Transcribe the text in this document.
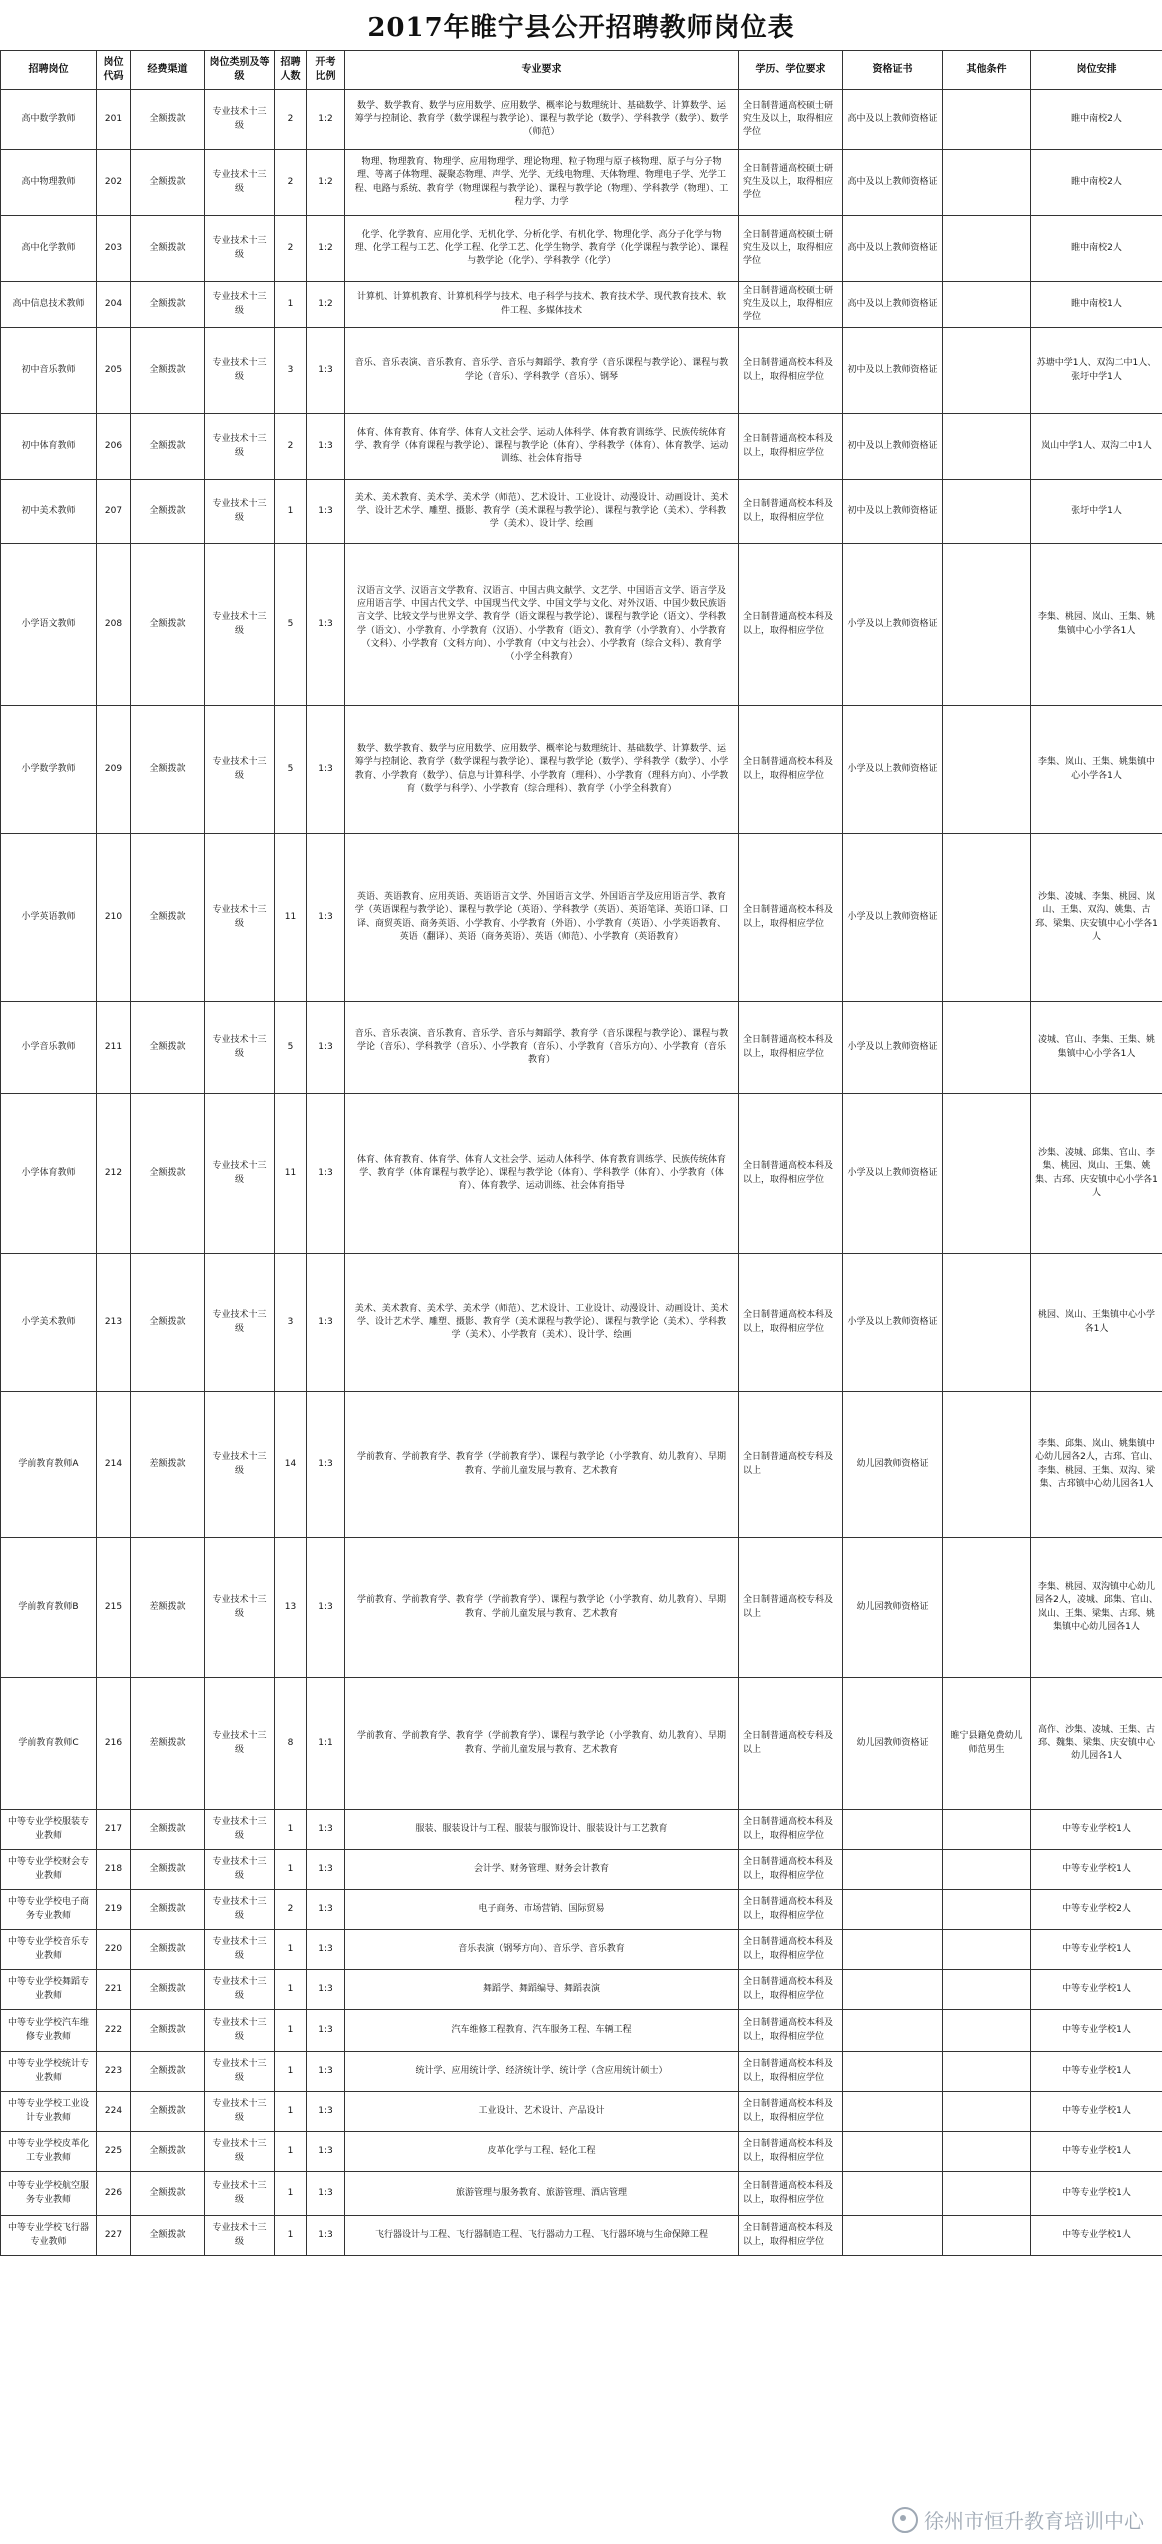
2017年睢宁县公开招聘教师岗位表
招聘岗位	岗位代码	经费渠道	岗位类别及等级	招聘人数	开考比例	专业要求	学历、学位要求	资格证书	其他条件	岗位安排
高中数学教师	201	全额拨款	专业技术十三级	2	1:2	数学、数学教育、数学与应用数学、应用数学、概率论与数理统计、基础数学、计算数学、运筹学与控制论、教育学（数学课程与教学论）、课程与教学论（数学）、学科教学（数学）、数学（师范）	全日制普通高校硕士研究生及以上，取得相应学位	高中及以上教师资格证		睢中南校2人
高中物理教师	202	全额拨款	专业技术十三级	2	1:2	物理、物理教育、物理学、应用物理学、理论物理、粒子物理与原子核物理、原子与分子物理、等离子体物理、凝聚态物理、声学、光学、无线电物理、天体物理、物理电子学、光学工程、电路与系统、教育学（物理课程与教学论）、课程与教学论（物理）、学科教学（物理）、工程力学、力学	全日制普通高校硕士研究生及以上，取得相应学位	高中及以上教师资格证		睢中南校2人
高中化学教师	203	全额拨款	专业技术十三级	2	1:2	化学、化学教育、应用化学、无机化学、分析化学、有机化学、物理化学、高分子化学与物理、化学工程与工艺、化学工程、化学工艺、化学生物学、教育学（化学课程与教学论）、课程与教学论（化学）、学科教学（化学）	全日制普通高校硕士研究生及以上，取得相应学位	高中及以上教师资格证		睢中南校2人
高中信息技术教师	204	全额拨款	专业技术十三级	1	1:2	计算机、计算机教育、计算机科学与技术、电子科学与技术、教育技术学、现代教育技术、软件工程、多媒体技术	全日制普通高校硕士研究生及以上，取得相应学位	高中及以上教师资格证		睢中南校1人
初中音乐教师	205	全额拨款	专业技术十三级	3	1:3	音乐、音乐表演、音乐教育、音乐学、音乐与舞蹈学、教育学（音乐课程与教学论）、课程与教学论（音乐）、学科教学（音乐）、钢琴	全日制普通高校本科及以上，取得相应学位	初中及以上教师资格证		苏塘中学1人、双沟二中1人、张圩中学1人
初中体育教师	206	全额拨款	专业技术十三级	2	1:3	体育、体育教育、体育学、体育人文社会学、运动人体科学、体育教育训练学、民族传统体育学、教育学（体育课程与教学论）、课程与教学论（体育）、学科教学（体育）、体育教学、运动训练、社会体育指导	全日制普通高校本科及以上，取得相应学位	初中及以上教师资格证		岚山中学1人、双沟二中1人
初中美术教师	207	全额拨款	专业技术十三级	1	1:3	美术、美术教育、美术学、美术学（师范）、艺术设计、工业设计、动漫设计、动画设计、美术学、设计艺术学、雕塑、摄影、教育学（美术课程与教学论）、课程与教学论（美术）、学科教学（美术）、设计学、绘画	全日制普通高校本科及以上，取得相应学位	初中及以上教师资格证		张圩中学1人
小学语文教师	208	全额拨款	专业技术十三级	5	1:3	汉语言文学、汉语言文学教育、汉语言、中国古典文献学、文艺学、中国语言文学、语言学及应用语言学、中国古代文学、中国现当代文学、中国文学与文化、对外汉语、中国少数民族语言文学、比较文学与世界文学、教育学（语文课程与教学论）、课程与教学论（语文）、学科教学（语文）、小学教育、小学教育（汉语）、小学教育（语文）、教育学（小学教育）、小学教育（文科）、小学教育（文科方向）、小学教育（中文与社会）、小学教育（综合文科）、教育学（小学全科教育）	全日制普通高校本科及以上，取得相应学位	小学及以上教师资格证		李集、桃园、岚山、王集、姚集镇中心小学各1人
小学数学教师	209	全额拨款	专业技术十三级	5	1:3	数学、数学教育、数学与应用数学、应用数学、概率论与数理统计、基础数学、计算数学、运筹学与控制论、教育学（数学课程与教学论）、课程与教学论（数学）、学科教学（数学）、小学教育、小学教育（数学）、信息与计算科学、小学教育（理科）、小学教育（理科方向）、小学教育（数学与科学）、小学教育（综合理科）、教育学（小学全科教育）	全日制普通高校本科及以上，取得相应学位	小学及以上教师资格证		李集、岚山、王集、姚集镇中心小学各1人
小学英语教师	210	全额拨款	专业技术十三级	11	1:3	英语、英语教育、应用英语、英语语言文学、外国语言文学、外国语言学及应用语言学、教育学（英语课程与教学论）、课程与教学论（英语）、学科教学（英语）、英语笔译、英语口译、口译、商贸英语、商务英语、小学教育、小学教育（外语）、小学教育（英语）、小学英语教育、英语（翻译）、英语（商务英语）、英语（师范）、小学教育（英语教育）	全日制普通高校本科及以上，取得相应学位	小学及以上教师资格证		沙集、凌城、李集、桃园、岚山、王集、双沟、姚集、古邳、梁集、庆安镇中心小学各1人
小学音乐教师	211	全额拨款	专业技术十三级	5	1:3	音乐、音乐表演、音乐教育、音乐学、音乐与舞蹈学、教育学（音乐课程与教学论）、课程与教学论（音乐）、学科教学（音乐）、小学教育（音乐）、小学教育（音乐方向）、小学教育（音乐教育）	全日制普通高校本科及以上，取得相应学位	小学及以上教师资格证		凌城、官山、李集、王集、姚集镇中心小学各1人
小学体育教师	212	全额拨款	专业技术十三级	11	1:3	体育、体育教育、体育学、体育人文社会学、运动人体科学、体育教育训练学、民族传统体育学、教育学（体育课程与教学论）、课程与教学论（体育）、学科教学（体育）、小学教育（体育）、体育教学、运动训练、社会体育指导	全日制普通高校本科及以上，取得相应学位	小学及以上教师资格证		沙集、凌城、邱集、官山、李集、桃园、岚山、王集、姚集、古邳、庆安镇中心小学各1人
小学美术教师	213	全额拨款	专业技术十三级	3	1:3	美术、美术教育、美术学、美术学（师范）、艺术设计、工业设计、动漫设计、动画设计、美术学、设计艺术学、雕塑、摄影、教育学（美术课程与教学论）、课程与教学论（美术）、学科教学（美术）、小学教育（美术）、设计学、绘画	全日制普通高校本科及以上，取得相应学位	小学及以上教师资格证		桃园、岚山、王集镇中心小学各1人
学前教育教师A	214	差额拨款	专业技术十三级	14	1:3	学前教育、学前教育学、教育学（学前教育学）、课程与教学论（小学教育、幼儿教育）、早期教育、学前儿童发展与教育、艺术教育	全日制普通高校专科及以上	幼儿园教师资格证		李集、邱集、岚山、姚集镇中心幼儿园各2人，古邳、官山、李集、桃园、王集、双沟、梁集、古邳镇中心幼儿园各1人
学前教育教师B	215	差额拨款	专业技术十三级	13	1:3	学前教育、学前教育学、教育学（学前教育学）、课程与教学论（小学教育、幼儿教育）、早期教育、学前儿童发展与教育、艺术教育	全日制普通高校专科及以上	幼儿园教师资格证		李集、桃园、双沟镇中心幼儿园各2人，凌城、邱集、官山、岚山、王集、梁集、古邳、姚集镇中心幼儿园各1人
学前教育教师C	216	差额拨款	专业技术十三级	8	1:1	学前教育、学前教育学、教育学（学前教育学）、课程与教学论（小学教育、幼儿教育）、早期教育、学前儿童发展与教育、艺术教育	全日制普通高校专科及以上	幼儿园教师资格证	睢宁县籍免费幼儿师范男生	高作、沙集、凌城、王集、古邳、魏集、梁集、庆安镇中心幼儿园各1人
中等专业学校服装专业教师	217	全额拨款	专业技术十三级	1	1:3	服装、服装设计与工程、服装与服饰设计、服装设计与工艺教育	全日制普通高校本科及以上，取得相应学位			中等专业学校1人
中等专业学校财会专业教师	218	全额拨款	专业技术十三级	1	1:3	会计学、财务管理、财务会计教育	全日制普通高校本科及以上，取得相应学位			中等专业学校1人
中等专业学校电子商务专业教师	219	全额拨款	专业技术十三级	2	1:3	电子商务、市场营销、国际贸易	全日制普通高校本科及以上，取得相应学位			中等专业学校2人
中等专业学校音乐专业教师	220	全额拨款	专业技术十三级	1	1:3	音乐表演（钢琴方向）、音乐学、音乐教育	全日制普通高校本科及以上，取得相应学位			中等专业学校1人
中等专业学校舞蹈专业教师	221	全额拨款	专业技术十三级	1	1:3	舞蹈学、舞蹈编导、舞蹈表演	全日制普通高校本科及以上，取得相应学位			中等专业学校1人
中等专业学校汽车维修专业教师	222	全额拨款	专业技术十三级	1	1:3	汽车维修工程教育、汽车服务工程、车辆工程	全日制普通高校本科及以上，取得相应学位			中等专业学校1人
中等专业学校统计专业教师	223	全额拨款	专业技术十三级	1	1:3	统计学、应用统计学、经济统计学、统计学（含应用统计硕士）	全日制普通高校本科及以上，取得相应学位			中等专业学校1人
中等专业学校工业设计专业教师	224	全额拨款	专业技术十三级	1	1:3	工业设计、艺术设计、产品设计	全日制普通高校本科及以上，取得相应学位			中等专业学校1人
中等专业学校皮革化工专业教师	225	全额拨款	专业技术十三级	1	1:3	皮革化学与工程、轻化工程	全日制普通高校本科及以上，取得相应学位			中等专业学校1人
中等专业学校航空服务专业教师	226	全额拨款	专业技术十三级	1	1:3	旅游管理与服务教育、旅游管理、酒店管理	全日制普通高校本科及以上，取得相应学位			中等专业学校1人
中等专业学校飞行器专业教师	227	全额拨款	专业技术十三级	1	1:3	飞行器设计与工程、飞行器制造工程、飞行器动力工程、飞行器环境与生命保障工程	全日制普通高校本科及以上，取得相应学位			中等专业学校1人
徐州市恒升教育培训中心
